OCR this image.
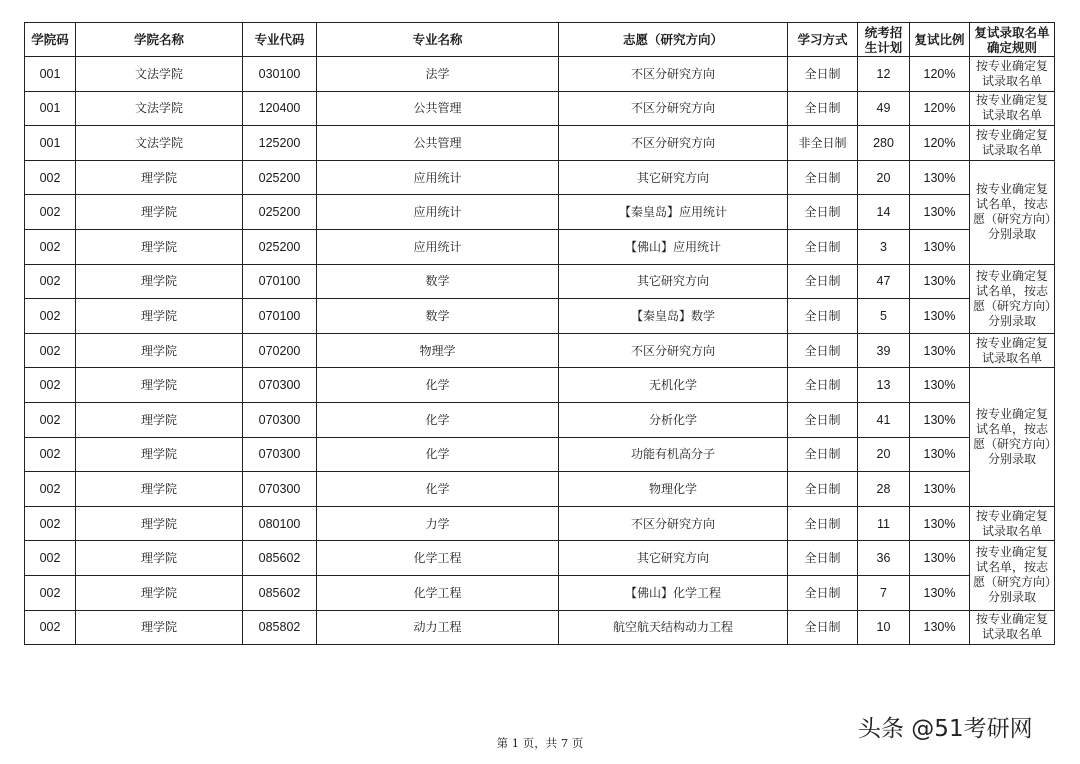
学院码	学院名称	专业代码	专业名称	志愿（研究方向）	学习方式	统考招生计划	复试比例	复试录取名单确定规则
001	文法学院	030100	法学	不区分研究方向	全日制	12	120%	按专业确定复试录取名单
001	文法学院	120400	公共管理	不区分研究方向	全日制	49	120%	按专业确定复试录取名单
001	文法学院	125200	公共管理	不区分研究方向	非全日制	280	120%	按专业确定复试录取名单
002	理学院	025200	应用统计	其它研究方向	全日制	20	130%	按专业确定复试名单，按志愿（研究方向）分别录取
002	理学院	025200	应用统计	【秦皇岛】应用统计	全日制	14	130%	
002	理学院	025200	应用统计	【佛山】应用统计	全日制	3	130%	
002	理学院	070100	数学	其它研究方向	全日制	47	130%	按专业确定复试名单，按志愿（研究方向）分别录取
002	理学院	070100	数学	【秦皇岛】数学	全日制	5	130%	
002	理学院	070200	物理学	不区分研究方向	全日制	39	130%	按专业确定复试录取名单
002	理学院	070300	化学	无机化学	全日制	13	130%	按专业确定复试名单，按志愿（研究方向）分别录取
002	理学院	070300	化学	分析化学	全日制	41	130%	
002	理学院	070300	化学	功能有机高分子	全日制	20	130%	
002	理学院	070300	化学	物理化学	全日制	28	130%	
002	理学院	080100	力学	不区分研究方向	全日制	11	130%	按专业确定复试录取名单
002	理学院	085602	化学工程	其它研究方向	全日制	36	130%	按专业确定复试名单，按志愿（研究方向）分别录取
002	理学院	085602	化学工程	【佛山】化学工程	全日制	7	130%	
002	理学院	085802	动力工程	航空航天结构动力工程	全日制	10	130%	按专业确定复试录取名单
头条 @51考研网
第 1 页，共 7 页
